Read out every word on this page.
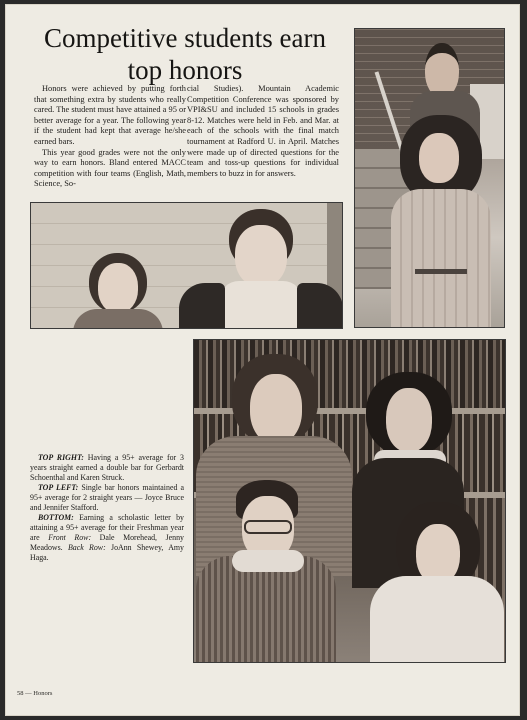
Competitive students earn top honors

Honors were achieved by putting forth that something extra by students who really cared. The student must have attained a 95 or better average for a year. The following year if the student had kept that average he/she earned bars.

This year good grades were not the only way to earn honors. Bland entered MACC competition with four teams (English, Math, Science, So-

cial Studies). Mountain Academic Competition Conference was sponsored by VPI&SU and included 15 schools in grades 8-12. Matches were held in Feb. and Mar. at each of the schools with the final match tournament at Radford U. in April. Matches were made up of directed questions for the team and toss-up questions for individual members to buzz in for answers.

TOP RIGHT: Having a 95+ average for 3 years straight earned a double bar for Gerbardt Schoenthal and Karen Struck.

TOP LEFT: Single bar honors maintained a 95+ average for 2 straight years — Joyce Bruce and Jennifer Stafford.

BOTTOM: Earning a scholastic letter by attaining a 95+ average for their Freshman year are Front Row: Dale Morehead, Jenny Meadows. Back Row: JoAnn Shewey, Amy Haga.

58 — Honors
